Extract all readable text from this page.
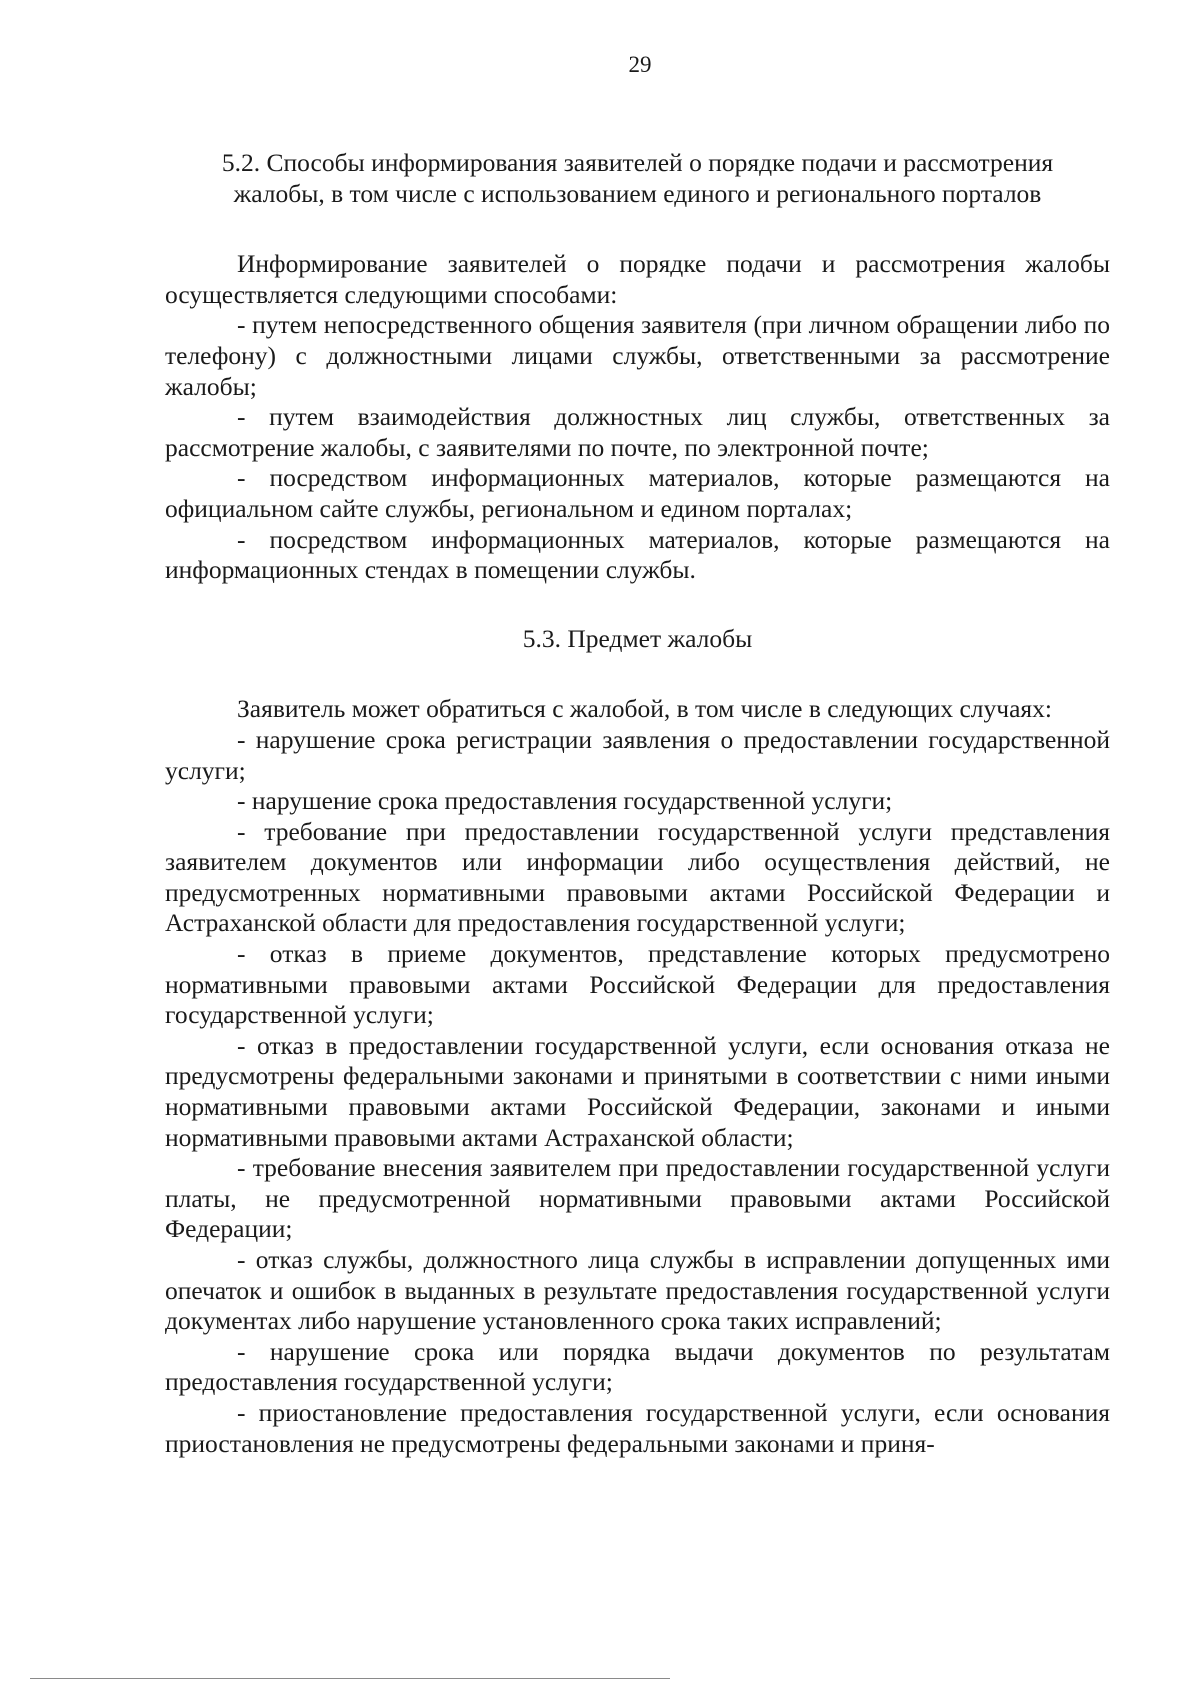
29
5.2. Способы информирования заявителей о порядке подачи и рассмотрения жалобы, в том числе с использованием единого и регионального порталов

Информирование заявителей о порядке подачи и рассмотрения жалобы осуществляется следующими способами:

- путем непосредственного общения заявителя (при личном обращении либо по телефону) с должностными лицами службы, ответственными за рассмотрение жалобы;

- путем взаимодействия должностных лиц службы, ответственных за рассмотрение жалобы, с заявителями по почте, по электронной почте;

- посредством информационных материалов, которые размещаются на официальном сайте службы, региональном и едином порталах;

- посредством информационных материалов, которые размещаются на информационных стендах в помещении службы.

5.3. Предмет жалобы

Заявитель может обратиться с жалобой, в том числе в следующих случаях:

- нарушение срока регистрации заявления о предоставлении государственной услуги;

- нарушение срока предоставления государственной услуги;

- требование при предоставлении государственной услуги представления заявителем документов или информации либо осуществления действий, не предусмотренных нормативными правовыми актами Российской Федерации и Астраханской области для предоставления государственной услуги;

- отказ в приеме документов, представление которых предусмотрено нормативными правовыми актами Российской Федерации для предоставления государственной услуги;

- отказ в предоставлении государственной услуги, если основания отказа не предусмотрены федеральными законами и принятыми в соответствии с ними иными нормативными правовыми актами Российской Федерации, законами и иными нормативными правовыми актами Астраханской области;

- требование внесения заявителем при предоставлении государственной услуги платы, не предусмотренной нормативными правовыми актами Российской Федерации;

- отказ службы, должностного лица службы в исправлении допущенных ими опечаток и ошибок в выданных в результате предоставления государственной услуги документах либо нарушение установленного срока таких исправлений;

- нарушение срока или порядка выдачи документов по результатам предоставления государственной услуги;

- приостановление предоставления государственной услуги, если основания приостановления не предусмотрены федеральными законами и приня-
